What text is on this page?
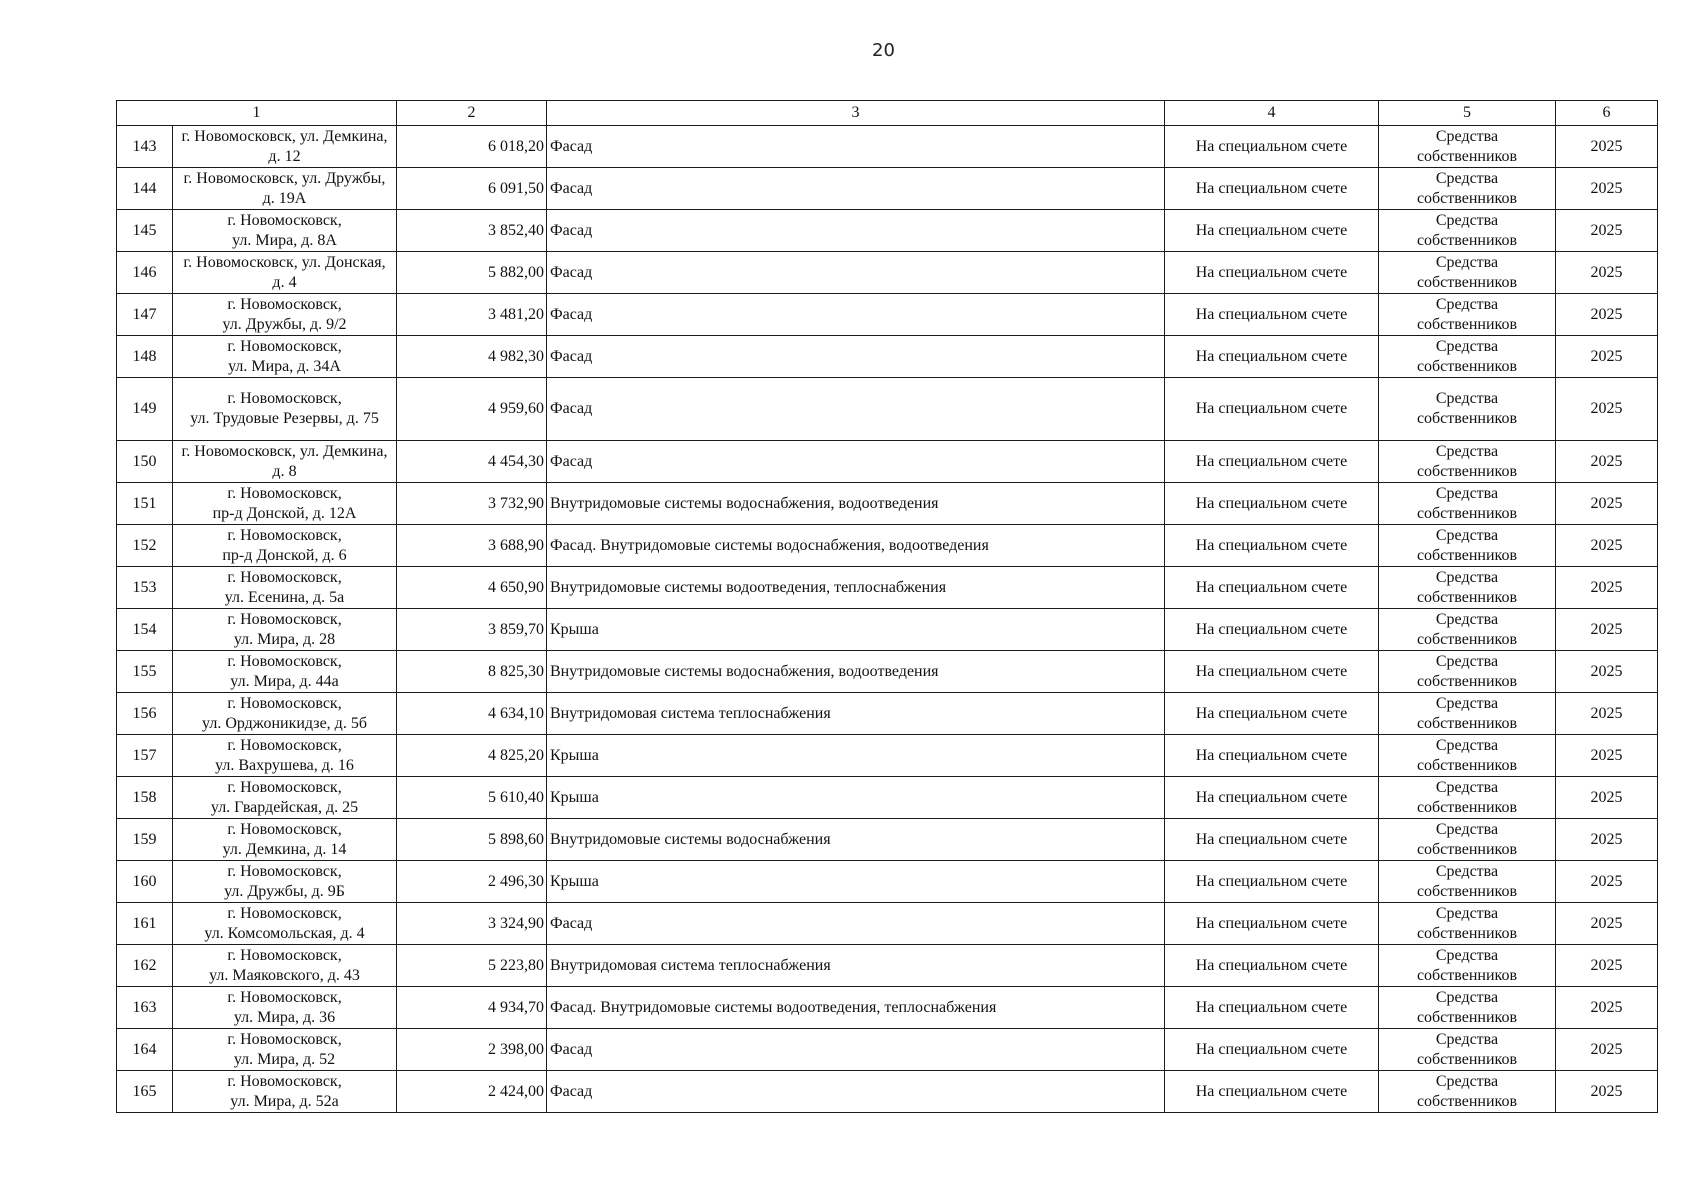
20
1		2	3	4	5	6
143	г. Новомосковск, ул. Демкина,
д. 12	6 018,20	Фасад	На специальном счете	Средства
собственников	2025
144	г. Новомосковск, ул. Дружбы,
д. 19А	6 091,50	Фасад	На специальном счете	Средства
собственников	2025
145	г. Новомосковск,
ул. Мира, д. 8А	3 852,40	Фасад	На специальном счете	Средства
собственников	2025
146	г. Новомосковск, ул. Донская,
д. 4	5 882,00	Фасад	На специальном счете	Средства
собственников	2025
147	г. Новомосковск,
ул. Дружбы, д. 9/2	3 481,20	Фасад	На специальном счете	Средства
собственников	2025
148	г. Новомосковск,
ул. Мира, д. 34А	4 982,30	Фасад	На специальном счете	Средства
собственников	2025
149	г. Новомосковск,
ул. Трудовые Резервы, д. 75	4 959,60	Фасад	На специальном счете	Средства
собственников	2025
150	г. Новомосковск, ул. Демкина,
д. 8	4 454,30	Фасад	На специальном счете	Средства
собственников	2025
151	г. Новомосковск,
пр-д Донской, д. 12А	3 732,90	Внутридомовые системы водоснабжения, водоотведения	На специальном счете	Средства
собственников	2025
152	г. Новомосковск,
пр-д Донской, д. 6	3 688,90	Фасад. Внутридомовые системы водоснабжения, водоотведения	На специальном счете	Средства
собственников	2025
153	г. Новомосковск,
ул. Есенина, д. 5а	4 650,90	Внутридомовые системы водоотведения, теплоснабжения	На специальном счете	Средства
собственников	2025
154	г. Новомосковск,
ул. Мира, д. 28	3 859,70	Крыша	На специальном счете	Средства
собственников	2025
155	г. Новомосковск,
ул. Мира, д. 44а	8 825,30	Внутридомовые системы водоснабжения, водоотведения	На специальном счете	Средства
собственников	2025
156	г. Новомосковск,
ул. Орджоникидзе, д. 5б	4 634,10	Внутридомовая система теплоснабжения	На специальном счете	Средства
собственников	2025
157	г. Новомосковск,
ул. Вахрушева, д. 16	4 825,20	Крыша	На специальном счете	Средства
собственников	2025
158	г. Новомосковск,
ул. Гвардейская, д. 25	5 610,40	Крыша	На специальном счете	Средства
собственников	2025
159	г. Новомосковск,
ул. Демкина, д. 14	5 898,60	Внутридомовые системы водоснабжения	На специальном счете	Средства
собственников	2025
160	г. Новомосковск,
ул. Дружбы, д. 9Б	2 496,30	Крыша	На специальном счете	Средства
собственников	2025
161	г. Новомосковск,
ул. Комсомольская, д. 4	3 324,90	Фасад	На специальном счете	Средства
собственников	2025
162	г. Новомосковск,
ул. Маяковского, д. 43	5 223,80	Внутридомовая система теплоснабжения	На специальном счете	Средства
собственников	2025
163	г. Новомосковск,
ул. Мира, д. 36	4 934,70	Фасад. Внутридомовые системы водоотведения, теплоснабжения	На специальном счете	Средства
собственников	2025
164	г. Новомосковск,
ул. Мира, д. 52	2 398,00	Фасад	На специальном счете	Средства
собственников	2025
165	г. Новомосковск,
ул. Мира, д. 52а	2 424,00	Фасад	На специальном счете	Средства
собственников	2025
